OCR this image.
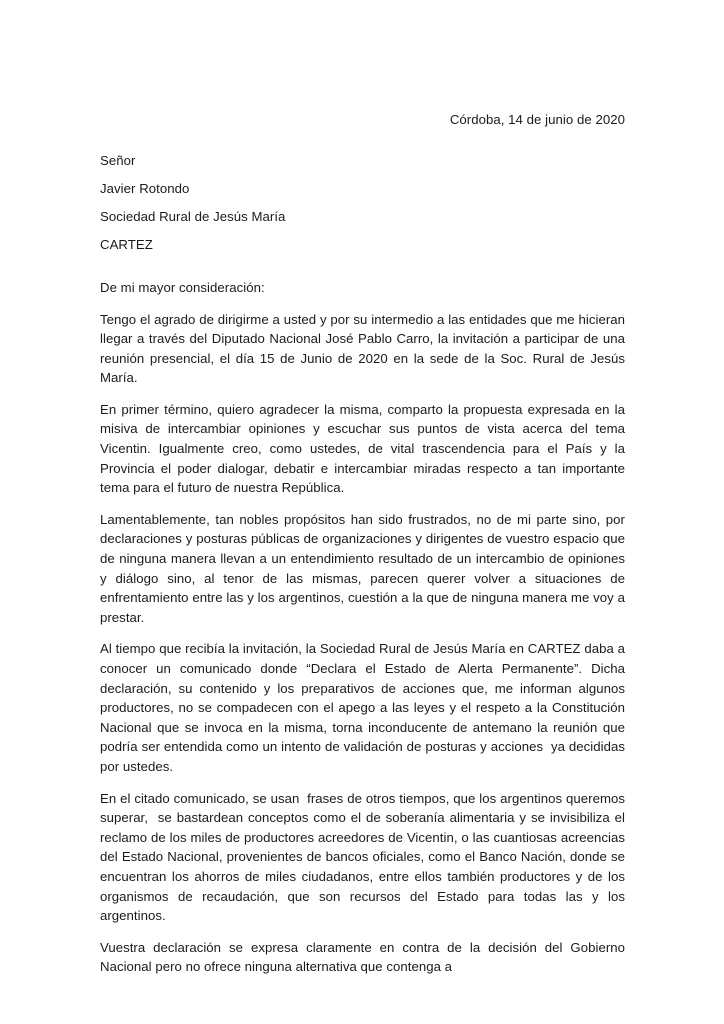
Córdoba, 14 de junio de 2020
Señor
Javier Rotondo
Sociedad Rural de Jesús María
CARTEZ
De mi mayor consideración:

Tengo el agrado de dirigirme a usted y por su intermedio a las entidades que me hicieran llegar a través del Diputado Nacional José Pablo Carro, la invitación a participar de una reunión presencial, el día 15 de Junio de 2020 en la sede de la Soc. Rural de Jesús María.

En primer término, quiero agradecer la misma, comparto la propuesta expresada en la misiva de intercambiar opiniones y escuchar sus puntos de vista acerca del tema Vicentin. Igualmente creo, como ustedes, de vital trascendencia para el País y la Provincia el poder dialogar, debatir e intercambiar miradas respecto a tan importante tema para el futuro de nuestra República.

Lamentablemente, tan nobles propósitos han sido frustrados, no de mi parte sino, por declaraciones y posturas públicas de organizaciones y dirigentes de vuestro espacio que de ninguna manera llevan a un entendimiento resultado de un intercambio de opiniones y diálogo sino, al tenor de las mismas, parecen querer volver a situaciones de enfrentamiento entre las y los argentinos, cuestión a la que de ninguna manera me voy a prestar.

Al tiempo que recibía la invitación, la Sociedad Rural de Jesús María en CARTEZ daba a conocer un comunicado donde “Declara el Estado de Alerta Permanente”. Dicha declaración, su contenido y los preparativos de acciones que, me informan algunos productores, no se compadecen con el apego a las leyes y el respeto a la Constitución Nacional que se invoca en la misma, torna inconducente de antemano la reunión que podría ser entendida como un intento de validación de posturas y acciones  ya decididas por ustedes.

En el citado comunicado, se usan  frases de otros tiempos, que los argentinos queremos superar,  se bastardean conceptos como el de soberanía alimentaria y se invisibiliza el reclamo de los miles de productores acreedores de Vicentin, o las cuantiosas acreencias del Estado Nacional, provenientes de bancos oficiales, como el Banco Nación, donde se encuentran los ahorros de miles ciudadanos, entre ellos también productores y de los organismos de recaudación, que son recursos del Estado para todas las y los argentinos.

Vuestra declaración se expresa claramente en contra de la decisión del Gobierno Nacional pero no ofrece ninguna alternativa que contenga a
